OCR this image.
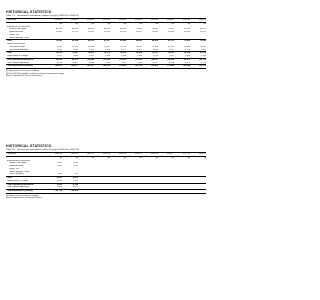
HISTORICAL STATISTICS
Table 2.5 - Government expenditure (outlays) by type (1999-00 to 2008-09)
Operating	1999-00	2000-01	2001-02	2002-03	2003-04	2004-05	2005-06	2006-07	2007-08	2008-09
	$m	$m	$m	$m	$m	$m	$m	$m	$m	$m
Expenditure on Personnel										
Salaries and Wages	66,700	68,441	68,634	68,543	69,484	70,882	70,963	72,087	62,465	64,981
Superannuation	11,862	12,123	12,301	12,624	12,962	13,207	13,443	13,694	12,998	13,261
Payroll Tax										
Other Employee Costs										
Total	78,562	80,564	80,935	81,167	82,446	84,089	84,406	85,781	75,463	78,242
Goods and Services										
Purchased Goods	9,812	10,341	10,866	11,087	11,512	12,067	12,356	12,902	13,446	14,011
Grants and Subsidies	7,041	7,306	7,541	7,883	8,117	8,422	8,665	8,931	9,208	9,514
Total	16,853	17,647	18,407	18,970	19,629	20,489	21,021	21,833	22,654	23,525
Depreciation & Charges	1,021	1,064	1,107	1,146	1,188	1,234	1,270	1,312	1,355	1,398
Total Operating Expenditure	96,436	99,275	100,449	101,283	103,263	105,812	106,697	108,926	99,472	103,165
Total Capital Expenditure	6,214	6,602	6,918	7,245	7,601	7,944	8,207	8,538	8,874	9,213
Total Expenditure (outlays)	102,650	105,877	107,367	108,528	110,864	113,756	114,904	117,464	108,346	112,378
(a) Figures may not sum due to rounding.
(b) From 2007-08 expenditure reflects machinery of government changes.
Source: Department of Treasury and Finance.
HISTORICAL STATISTICS
Table 2.6 - Government expenditure (outlays) by type (2009-10 to 2018-19)
Operating	2009-10	2010-11	2011-12	2012-13	2013-14	2014-15	2015-16	2016-17	2017-18	2018-19
	$m	$m	$m	$m	$m	$m	$m	$m	$m	$m
Expenditure on Personnel										
Salaries and Wages	2,871	3,014								
Superannuation	1,102	1,155								
Payroll Tax										
Other Employee Costs										
Other Operating	684	702								
Total	4,657	4,871								
Depreciation & Charges	1,412	1,455								
Total Operating Expenditure	6,069	6,326								
Total Capital Expenditure	9,561	9,902								
Total Expenditure (outlays)	103,714	106,203								
(a) Figures may not sum due to rounding.
Source: Department of Treasury and Finance.
